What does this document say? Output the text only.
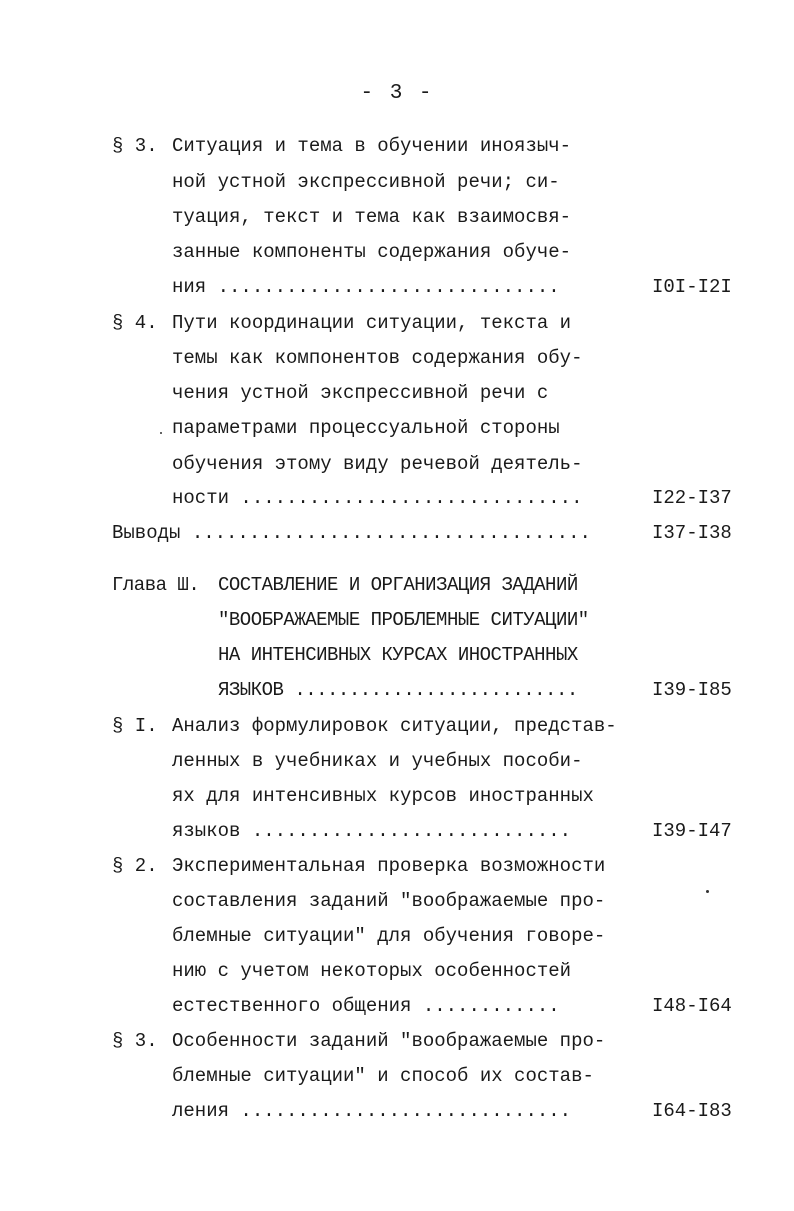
- 3 -
§ 3. Ситуация и тема в обучении иноязыч-
ной устной экспрессивной речи; си-
туация, текст и тема как взаимосвя-
занные компоненты содержания обуче-
ния ..............................	I0I-I2I
§ 4. Пути координации ситуации, текста и
темы как компонентов содержания обу-
чения устной экспрессивной речи с
параметрами процессуальной стороны
обучения этому виду речевой деятель-
ности ..............................	I22-I37
Выводы ...................................	I37-I38
Глава Ш. СОСТАВЛЕНИЕ И ОРГАНИЗАЦИЯ ЗАДАНИЙ
"ВООБРАЖАЕМЫЕ ПРОБЛЕМНЫЕ СИТУАЦИИ"
НА ИНТЕНСИВНЫХ КУРСАХ ИНОСТРАННЫХ
ЯЗЫКОВ ..........................	I39-I85
§ I. Анализ формулировок ситуации, представ-
ленных в учебниках и учебных пособи-
ях для интенсивных курсов иностранных
языков ............................	I39-I47
§ 2. Экспериментальная проверка возможности
составления заданий "воображаемые про-
блемные ситуации" для обучения говоре-
нию с учетом некоторых особенностей
естественного общения ............	I48-I64
§ 3. Особенности заданий "воображаемые про-
блемные ситуации" и способ их состав-
ления .............................	I64-I83
